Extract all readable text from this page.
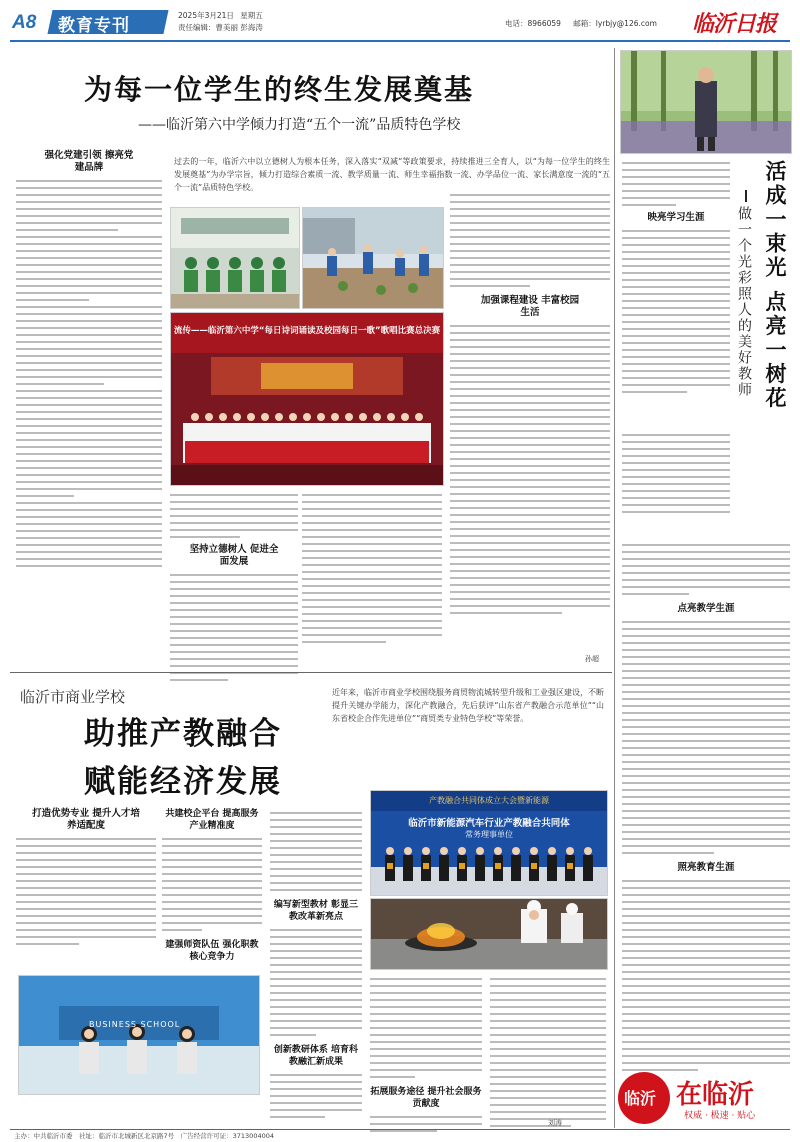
A8 教育专刊
2025年3月21日 星期五
责任编辑：曹美丽 彭海涛	电话：8966059 邮箱：lyrbjy@126.com 临沂日报
为每一位学生的终生发展奠基
——临沂第六中学倾力打造“五个一流”品质特色学校
过去的一年，临沂六中以立德树人为根本任务，深入落实“双减”等政策要求，持续推进三全育人，以“为每一位学生的终生发展奠基”为办学宗旨，倾力打造综合素质一流、教学质量一流、师生幸福指数一流、办学品位一流、家长满意度一流的“五个一流”品质特色学校。
强化党建引领 擦亮党建品牌
流传——临沂第六中学“每日诗词诵读及校园每日一歌”歌唱比赛总决赛
坚持立德树人 促进全面发展
加强课程建设 丰富校园生活
孙超
临沂市商业学校
助推产教融合
赋能经济发展
近年来，临沂市商业学校围绕服务商贸物流城转型升级和工业强区建设，不断提升关键办学能力，深化产教融合，先后获评“山东省产教融合示范单位”“山东省校企合作先进单位”“商贸类专业特色学校”等荣誉。
打造优势专业 提升人才培养适配度
共建校企平台 提高服务产业精准度
建强师资队伍 强化职教核心竞争力
编写新型教材 彰显三教改革新亮点
创新教研体系 培育科教融汇新成果
BUSINESS SCHOOL
产教融合共同体成立大会暨新能源
临沂市新能源汽车行业产教融合共同体
常务理事单位
拓展服务途径 提升社会服务贡献度
刘涛
映亮学习生涯	活成一束光 点亮一树花
做一个光彩照人的美好教师
点亮教学生涯
照亮教育生涯
临沂 在临沂
权威 · 极速 · 贴心
主办：中共临沂市委　社址：临沂市北城新区北京路7号　广告经营许可证：3713004004
